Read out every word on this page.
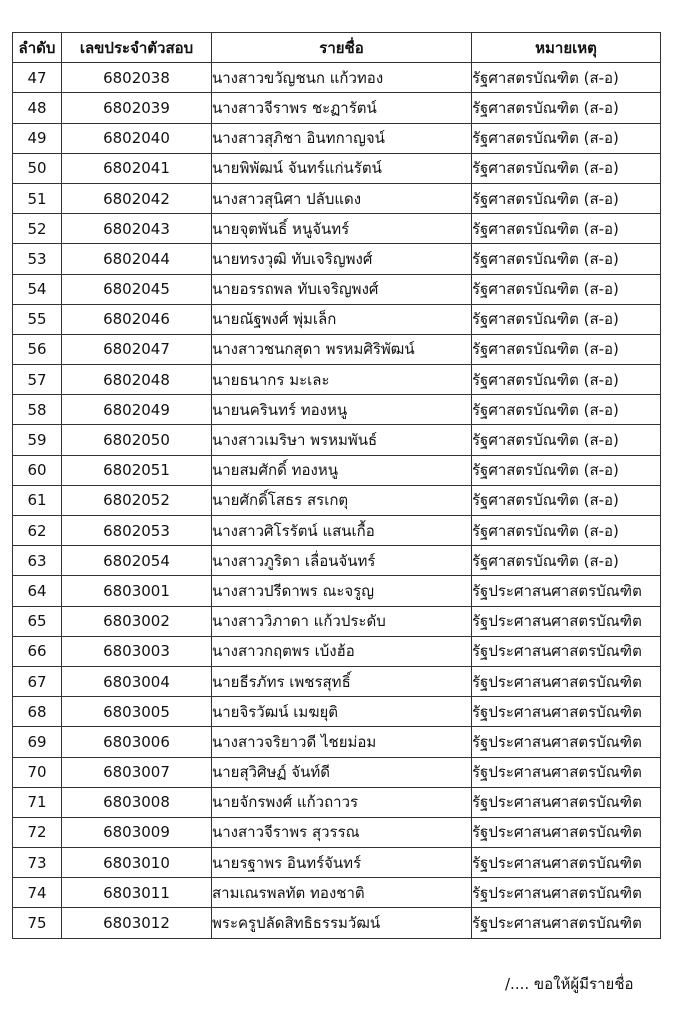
ลำดับ	เลขประจำตัวสอบ	รายชื่อ	หมายเหตุ
47	6802038	นางสาวขวัญชนก แก้วทอง	รัฐศาสตรบัณฑิต (ส-อ)
48	6802039	นางสาวจีราพร ชะฏารัตน์	รัฐศาสตรบัณฑิต (ส-อ)
49	6802040	นางสาวสุภิชา อินทกาญจน์	รัฐศาสตรบัณฑิต (ส-อ)
50	6802041	นายพิพัฒน์ จันทร์แก่นรัตน์	รัฐศาสตรบัณฑิต (ส-อ)
51	6802042	นางสาวสุนิศา ปลับแดง	รัฐศาสตรบัณฑิต (ส-อ)
52	6802043	นายจุตพันธิ์ หนูจันทร์	รัฐศาสตรบัณฑิต (ส-อ)
53	6802044	นายทรงวุฒิ ทับเจริญพงศ์	รัฐศาสตรบัณฑิต (ส-อ)
54	6802045	นายอรรถพล ทับเจริญพงศ์	รัฐศาสตรบัณฑิต (ส-อ)
55	6802046	นายณัฐพงศ์ พุ่มเล็ก	รัฐศาสตรบัณฑิต (ส-อ)
56	6802047	นางสาวชนกสุดา พรหมศิริพัฒน์	รัฐศาสตรบัณฑิต (ส-อ)
57	6802048	นายธนากร มะเละ	รัฐศาสตรบัณฑิต (ส-อ)
58	6802049	นายนครินทร์ ทองหนู	รัฐศาสตรบัณฑิต (ส-อ)
59	6802050	นางสาวเมริษา พรหมพันธ์	รัฐศาสตรบัณฑิต (ส-อ)
60	6802051	นายสมศักดิ์ ทองหนู	รัฐศาสตรบัณฑิต (ส-อ)
61	6802052	นายศักดิ์โสธร สรเกตุ	รัฐศาสตรบัณฑิต (ส-อ)
62	6802053	นางสาวศิโรรัตน์ แสนเกื้อ	รัฐศาสตรบัณฑิต (ส-อ)
63	6802054	นางสาวภูริดา เลื่อนจันทร์	รัฐศาสตรบัณฑิต (ส-อ)
64	6803001	นางสาวปรีดาพร ณะจรูญ	รัฐประศาสนศาสตรบัณฑิต
65	6803002	นางสาววิภาดา แก้วประดับ	รัฐประศาสนศาสตรบัณฑิต
66	6803003	นางสาวกฤตพร เบ้งฮ้อ	รัฐประศาสนศาสตรบัณฑิต
67	6803004	นายธีรภัทร เพชรสุทธิ์	รัฐประศาสนศาสตรบัณฑิต
68	6803005	นายจิรวัฒน์ เมฆยุติ	รัฐประศาสนศาสตรบัณฑิต
69	6803006	นางสาวจริยาวดี ไชยม่อม	รัฐประศาสนศาสตรบัณฑิต
70	6803007	นายสุวิศิษฏ์ จันท์ดี	รัฐประศาสนศาสตรบัณฑิต
71	6803008	นายจักรพงศ์ แก้วถาวร	รัฐประศาสนศาสตรบัณฑิต
72	6803009	นางสาวจีราพร สุวรรณ	รัฐประศาสนศาสตรบัณฑิต
73	6803010	นายรฐาพร อินทร์จันทร์	รัฐประศาสนศาสตรบัณฑิต
74	6803011	สามเณรพลทัต ทองชาติ	รัฐประศาสนศาสตรบัณฑิต
75	6803012	พระครูปลัดสิทธิธรรมวัฒน์	รัฐประศาสนศาสตรบัณฑิต
/.... ขอให้ผู้มีรายชื่อ
